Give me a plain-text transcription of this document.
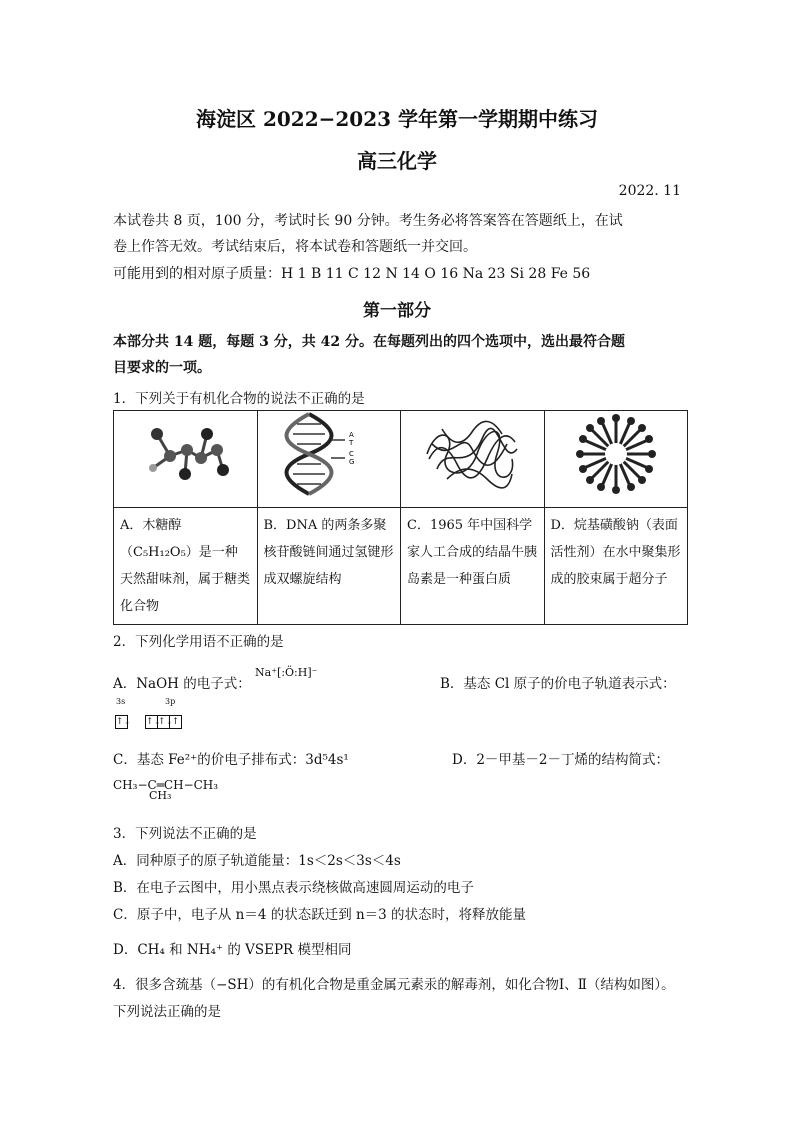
海淀区 2022−2023 学年第一学期期中练习
高三化学
2022. 11
本试卷共 8 页，100 分，考试时长 90 分钟。考生务必将答案答在答题纸上，在试
卷上作答无效。考试结束后，将本试卷和答题纸一并交回。
可能用到的相对原子质量：H 1 B 11 C 12 N 14 O 16 Na 23 Si 28 Fe 56
第一部分
本部分共 14 题，每题 3 分，共 42 分。在每题列出的四个选项中，选出最符合题
目要求的一项。
1．下列关于有机化合物的说法不正确的是

A
T
C
G

A．木糖醇（C₅H₁₂O₅）是一种天然甜味剂，属于糖类化合物	B．DNA 的两条多聚核苷酸链间通过氢键形成双螺旋结构	C．1965 年中国科学家人工合成的结晶牛胰岛素是一种蛋白质	D．烷基磺酸钠（表面活性剂）在水中聚集形成的胶束属于超分子
2．下列化学用语不正确的是
A．NaOH 的电子式： $^{Na^+[:Ö:H]^-}$
B．基态 Cl 原子的价电子轨道表示式：
3s	3p
↑↓ ↑↓↑↓↑
C．基态 Fe²⁺的价电子排布式：3d⁵4s¹	D．2－甲基－2－丁烯的结构简式：
CH₃−C═CH−CH₃
CH₃
3．下列说法不正确的是
A．同种原子的原子轨道能量：1s＜2s＜3s＜4s
B．在电子云图中，用小黑点表示绕核做高速圆周运动的电子
C．原子中，电子从 n＝4 的状态跃迁到 n＝3 的状态时，将释放能量
D．CH₄ 和 NH₄⁺ 的 VSEPR 模型相同
4．很多含巯基（−SH）的有机化合物是重金属元素汞的解毒剂，如化合物Ⅰ、Ⅱ（结构如图）。
下列说法正确的是
